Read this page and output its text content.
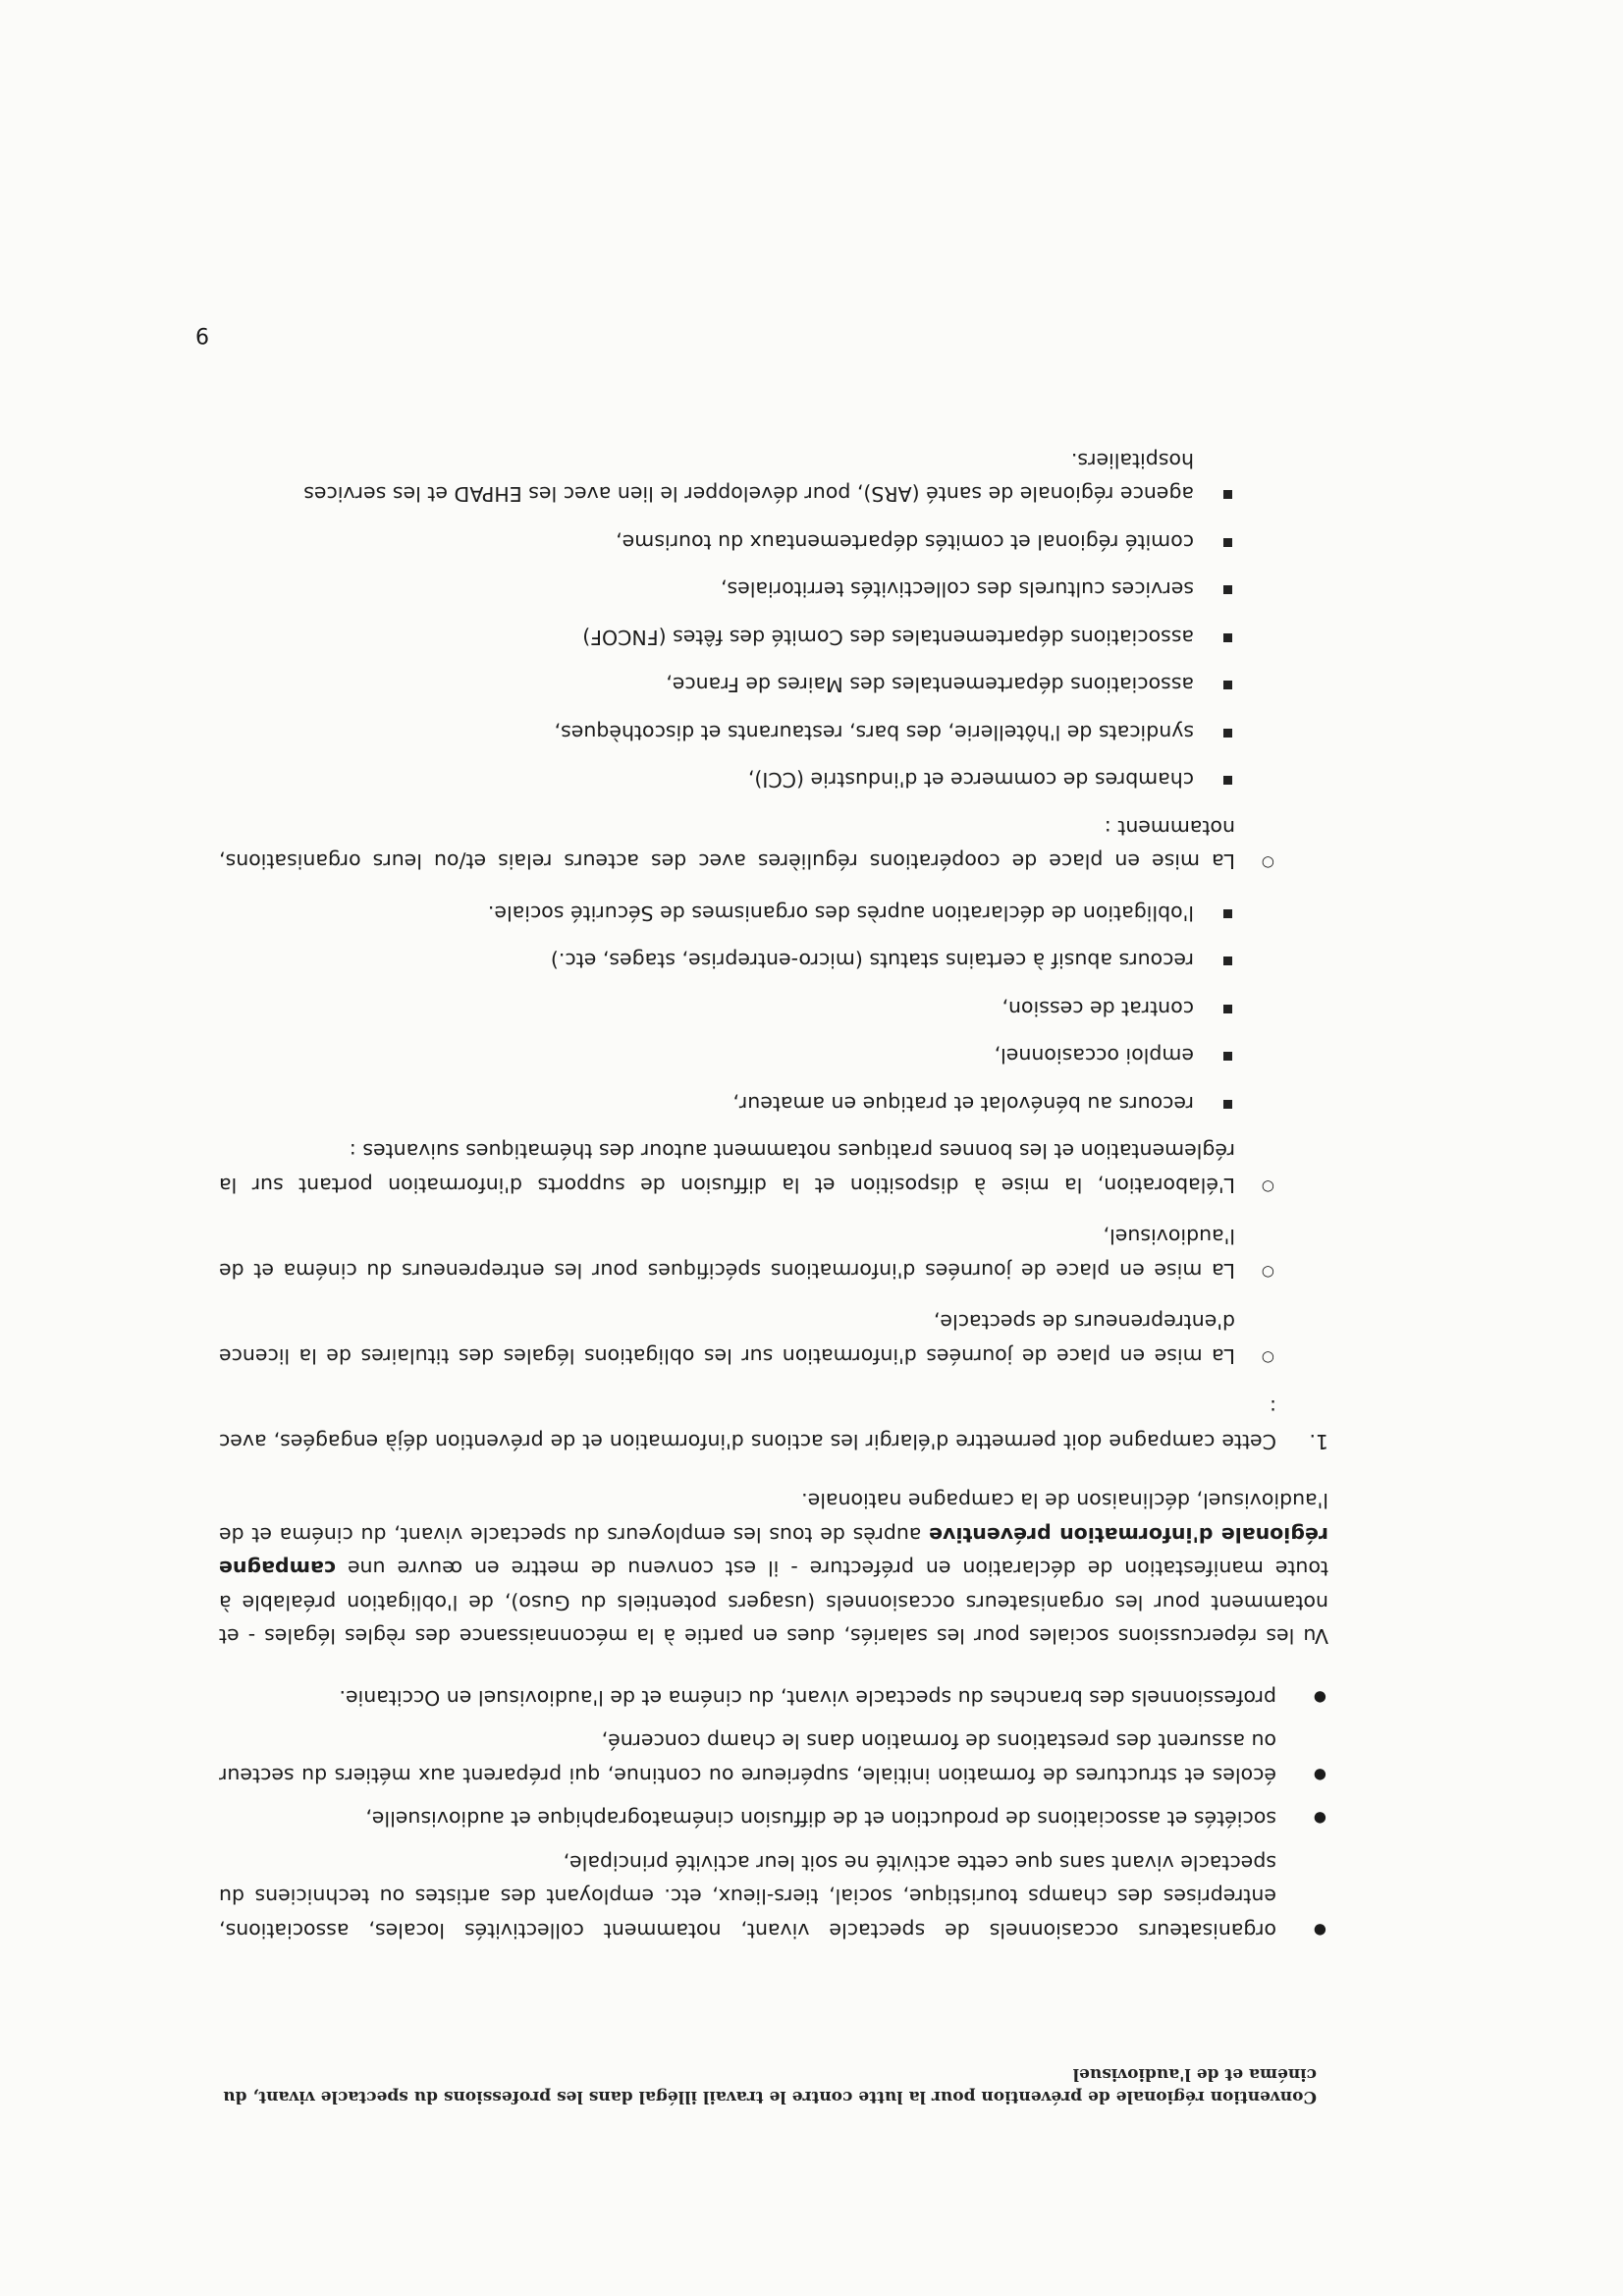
Convention régionale de prévention pour la lutte contre le travail illégal dans les professions du spectacle vivant, du cinéma et de l'audiovisuel
●
organisateurs occasionnels de spectacle vivant, notamment collectivités locales, associations, entreprises des champs touristique, social, tiers-lieux, etc. employant des artistes ou techniciens du spectacle vivant sans que cette activité ne soit leur activité principale,
●
sociétés et associations de production et de diffusion cinématographique et audiovisuelle,
●
écoles et structures de formation initiale, supérieure ou continue, qui préparent aux métiers du secteur ou assurent des prestations de formation dans le champ concerné,
●
professionnels des branches du spectacle vivant, du cinéma et de l'audiovisuel en Occitanie.

Vu les répercussions sociales pour les salariés, dues en partie à la méconnaissance des règles légales - et notamment pour les organisateurs occasionnels (usagers potentiels du Guso), de l'obligation préalable à toute manifestation de déclaration en préfecture - il est convenu de mettre en œuvre une campagne régionale d'information préventive auprès de tous les employeurs du spectacle vivant, du cinéma et de l'audiovisuel, déclinaison de la campagne nationale.

1.
Cette campagne doit permettre d'élargir les actions d'information et de prévention déjà engagées, avec :
○
La mise en place de journées d'information sur les obligations légales des titulaires de la licence d'entrepreneurs de spectacle,
○
La mise en place de journées d'informations spécifiques pour les entrepreneurs du cinéma et de l'audiovisuel,
○
L'élaboration, la mise à disposition et la diffusion de supports d'information portant sur la réglementation et les bonnes pratiques notamment autour des thématiques suivantes :
recours au bénévolat et pratique en amateur,
emploi occasionnel,
contrat de cession,
recours abusif à certains statuts (micro-entreprise, stages, etc.)
l'obligation de déclaration auprès des organismes de Sécurité sociale.
○
La mise en place de coopérations régulières avec des acteurs relais et/ou leurs organisations, notamment :
chambres de commerce et d'industrie (CCI),
syndicats de l'hôtellerie, des bars, restaurants et discothèques,
associations départementales des Maires de France,
associations départementales des Comité des fêtes (FNCOF)
services culturels des collectivités territoriales,
comité régional et comités départementaux du tourisme,
agence régionale de santé (ARS), pour développer le lien avec les EHPAD et les services hospitaliers.
9
